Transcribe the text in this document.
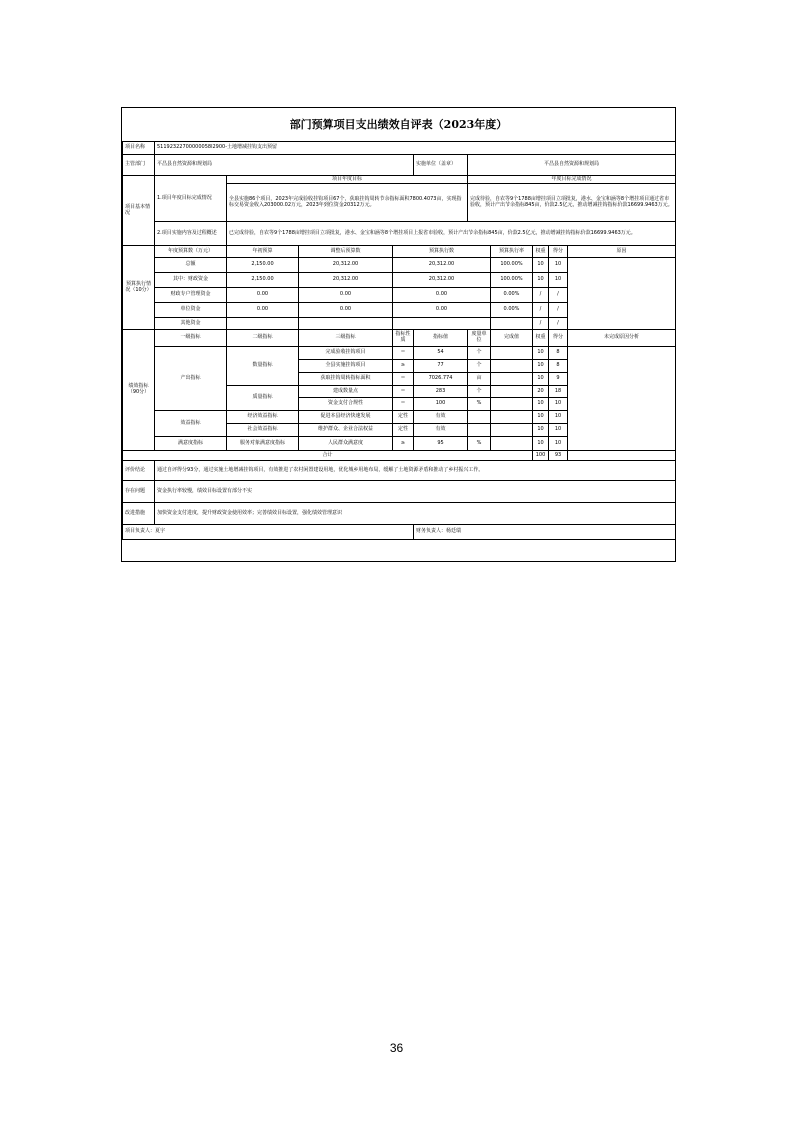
部门预算项目支出绩效自评表（2023年度）
项目名称	51192322700000058l2900-土地增减挂钩支出预留									
主管部门	平昌县自然资源和规划局				实施单位（盖章）	平昌县自然资源和规划局				
项目基本情况	1.项目年度目标完成情况	项目年度目标				年度目标完成情况				
		全县实施86个项目，2023年完成验收挂钩项目67个，获取挂钩周转节余指标面积7800.4073亩，实现指标交易资金收入203000.02万元，2023年到位资金20312万元。				完成待验，自农等9个1788亩增挂项目立项批复，港水、金宝和涵等8个增挂项目通过省市验收，预计产出节余指标845亩，价款2.5亿元，推动增减挂钩指标价款16699.9463万元。				
	2.项目实施内容及过程概述	已完成待验，自农等9个1788亩增挂项目立项批复，港水、金宝和涵等8个增挂项目上报省市验收，预计产出节余指标845亩，价款2.5亿元，推动增减挂钩指标价款16699.9463万元。								

预算执行情况（10分）	年度预算数（万元）	年初预算	调整后预算数	预算执行数			预算执行率	权重	得分	原因
	总额	2,150.00	20,312.00	20,312.00			100.00%	10	10	
	其中：财政资金	2,150.00	20,312.00	20,312.00			100.00%	10	10	
	财政专户管理资金	0.00	0.00	0.00			0.00%	/	/	
	单位资金	0.00	0.00	0.00			0.00%	/	/	
	其他资金							/	/	
绩效指标（90分）	一级指标	二级指标	三级指标	指标性质	指标值	度量单位	完成值	权重	得分	未完成原因分析
	产出指标	数量指标	完成验收挂钩项目	＝	54	个		10	8	
			全县实施挂钩项目	≥	77	个		10	8	
			获取挂钩周转指标面积	＝	7026.774	亩		10	9	
		质量指标	建成数量点	＝	283	个		20	18	
			资金支付合规性	＝	100	%		10	10	
	效益指标	经济效益指标	促进本县经济快速发展	定性	有效			10	10	
		社会效益指标	维护群众、企业合法权益	定性	有效			10	10	
	满意度指标	服务对象满意度指标	人民群众满意度	≥	95	%		10	10	
合计								100	93	
评价结论	通过自评得分93分，通过实施土地增减挂钩项目，有效推进了农村闲置建设用地，优化城乡用地布局，缓解了土地资源矛盾和推动了乡村振兴工作。									
存在问题	资金执行率较慢，绩效目标设置有部分不实									
改进措施	加快资金支付进度，提升财政资金使用效率；完善绩效目标设置，强化绩效管理意识									
项目负责人：夏宇					财务负责人：杨廷瑞					
36
